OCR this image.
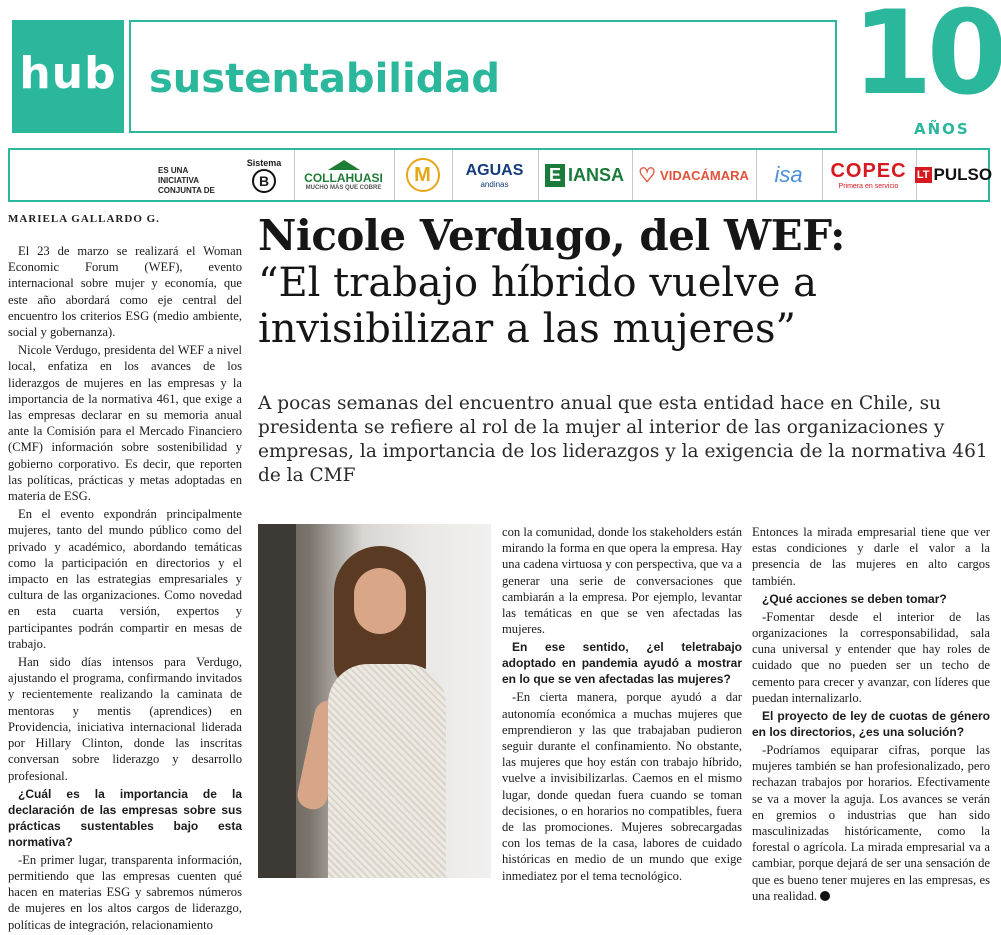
hub sustentabilidad	10
AÑOS
ES UNA INICIATIVA CONJUNTA DE
Sistema
B	COLLAHUASI
MUCHO MÁS QUE COBRE
M	AGUAS
andinas E IANSA ♡ VIDACÁMARA isa COPEC
Primera en servicio
LT PULSO
MARIELA GALLARDO G.

El 23 de marzo se realizará el Woman Economic Forum (WEF), evento internacional sobre mujer y economía, que este año abordará como eje central del encuentro los criterios ESG (medio ambiente, social y gobernanza).

Nicole Verdugo, presidenta del WEF a nivel local, enfatiza en los avances de los liderazgos de mujeres en las empresas y la importancia de la normativa 461, que exige a las empresas declarar en su memoria anual ante la Comisión para el Mercado Financiero (CMF) información sobre sostenibilidad y gobierno corporativo. Es decir, que reporten las políticas, prácticas y metas adoptadas en materia de ESG.

En el evento expondrán principalmente mujeres, tanto del mundo público como del privado y académico, abordando temáticas como la participación en directorios y el impacto en las estrategias empresariales y cultura de las organizaciones. Como novedad en esta cuarta versión, expertos y participantes podrán compartir en mesas de trabajo.

Han sido días intensos para Verdugo, ajustando el programa, confirmando invitados y recientemente realizando la caminata de mentoras y mentis (aprendices) en Providencia, iniciativa internacional liderada por Hillary Clinton, donde las inscritas conversan sobre liderazgo y desarrollo profesional.

¿Cuál es la importancia de la declaración de las empresas sobre sus prácticas sustentables bajo esta normativa?

-En primer lugar, transparenta información, permitiendo que las empresas cuenten qué hacen en materias ESG y sabremos números de mujeres en los altos cargos de liderazgo, políticas de integración, relacionamiento

Nicole Verdugo, del WEF:
“El trabajo híbrido vuelve a invisibilizar a las mujeres”
A pocas semanas del encuentro anual que esta entidad hace en Chile, su presidenta se refiere al rol de la mujer al interior de las organizaciones y empresas, la importancia de los liderazgos y la exigencia de la normativa 461 de la CMF

con la comunidad, donde los stakeholders están mirando la forma en que opera la empresa. Hay una cadena virtuosa y con perspectiva, que va a generar una serie de conversaciones que cambiarán a la empresa. Por ejemplo, levantar las temáticas en que se ven afectadas las mujeres.

En ese sentido, ¿el teletrabajo adoptado en pandemia ayudó a mostrar en lo que se ven afectadas las mujeres?

-En cierta manera, porque ayudó a dar autonomía económica a muchas mujeres que emprendieron y las que trabajaban pudieron seguir durante el confinamiento. No obstante, las mujeres que hoy están con trabajo híbrido, vuelve a invisibilizarlas. Caemos en el mismo lugar, donde quedan fuera cuando se toman decisiones, o en horarios no compatibles, fuera de las promociones. Mujeres sobrecargadas con los temas de la casa, labores de cuidado históricas en medio de un mundo que exige inmediatez por el tema tecnológico.

Entonces la mirada empresarial tiene que ver estas condiciones y darle el valor a la presencia de las mujeres en alto cargos también.

¿Qué acciones se deben tomar?

-Fomentar desde el interior de las organizaciones la corresponsabilidad, sala cuna universal y entender que hay roles de cuidado que no pueden ser un techo de cemento para crecer y avanzar, con líderes que puedan internalizarlo.

El proyecto de ley de cuotas de género en los directorios, ¿es una solución?

-Podríamos equiparar cifras, porque las mujeres también se han profesionalizado, pero rechazan trabajos por horarios. Efectivamente se va a mover la aguja. Los avances se verán en gremios o industrias que han sido masculinizadas históricamente, como la forestal o agrícola. La mirada empresarial va a cambiar, porque dejará de ser una sensación de que es bueno tener mujeres en las empresas, es una realidad.
